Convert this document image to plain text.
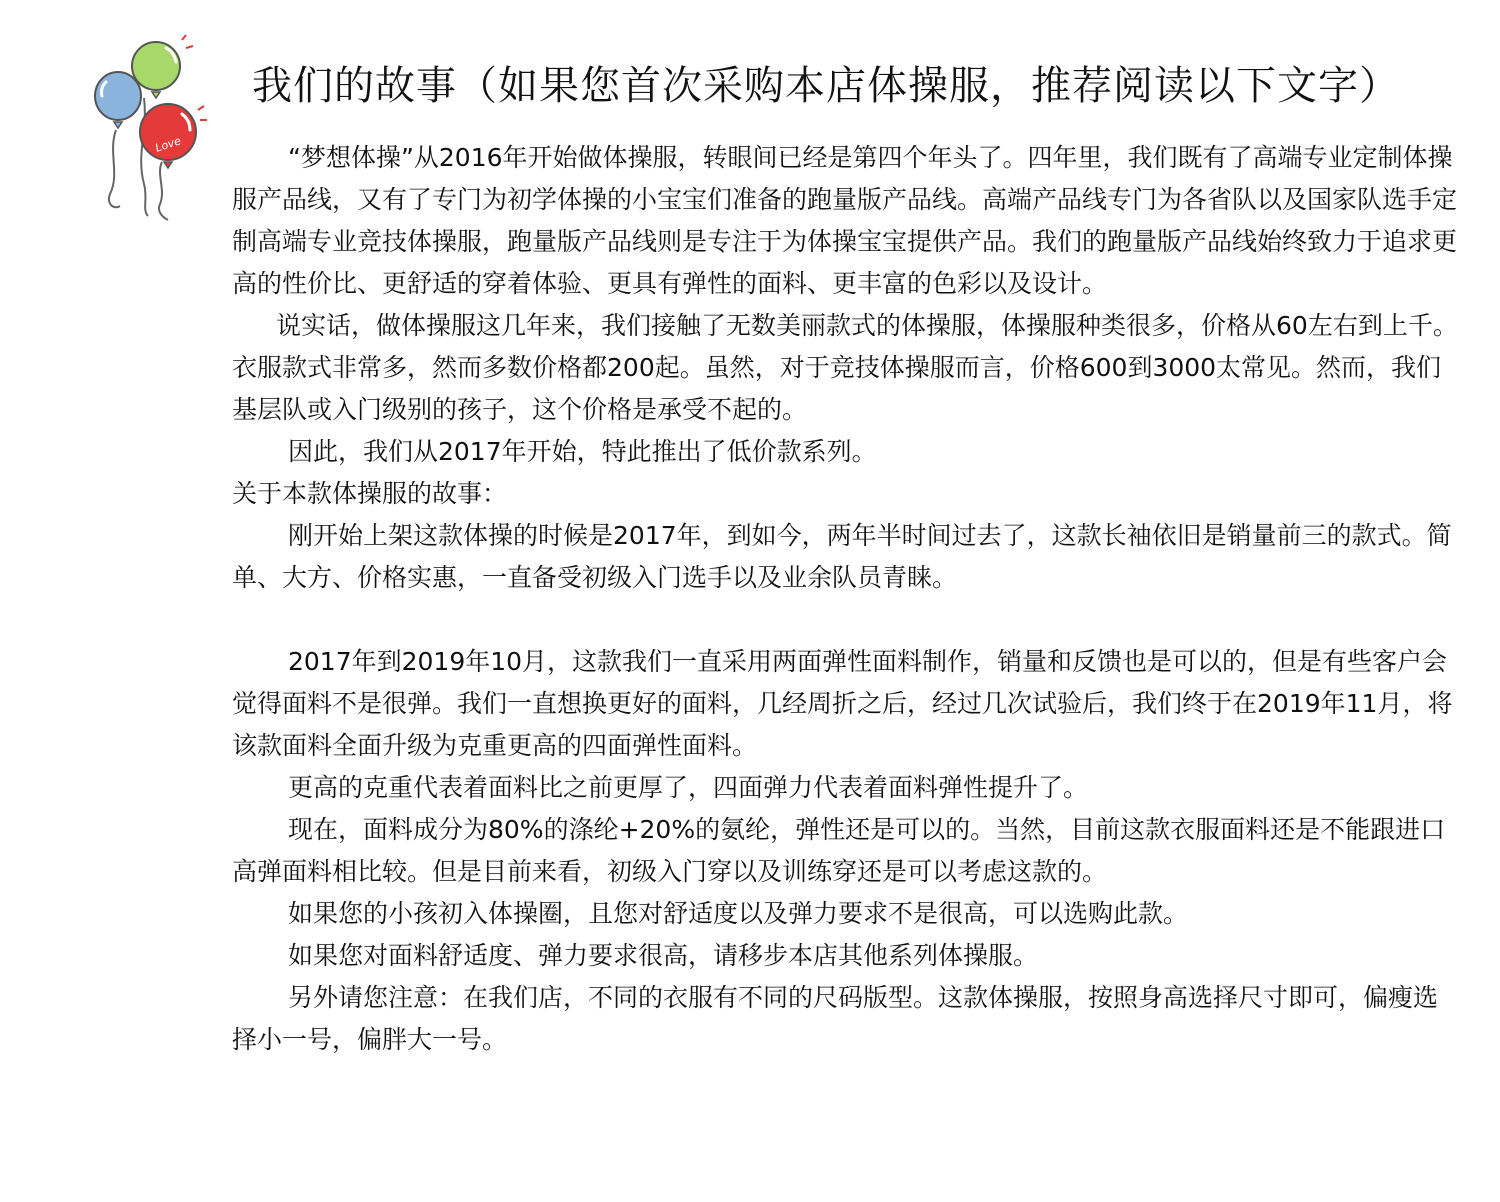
Love
我们的故事（如果您首次采购本店体操服，推荐阅读以下文字）

“梦想体操”从2016年开始做体操服，转眼间已经是第四个年头了。四年里，我们既有了高端专业定制体操服产品线，又有了专门为初学体操的小宝宝们准备的跑量版产品线。高端产品线专门为各省队以及国家队选手定制高端专业竞技体操服，跑量版产品线则是专注于为体操宝宝提供产品。我们的跑量版产品线始终致力于追求更高的性价比、更舒适的穿着体验、更具有弹性的面料、更丰富的色彩以及设计。

说实话，做体操服这几年来，我们接触了无数美丽款式的体操服，体操服种类很多，价格从60左右到上千。衣服款式非常多，然而多数价格都200起。虽然，对于竞技体操服而言，价格600到3000太常见。然而，我们基层队或入门级别的孩子，这个价格是承受不起的。

因此，我们从2017年开始，特此推出了低价款系列。

关于本款体操服的故事：

刚开始上架这款体操的时候是2017年，到如今，两年半时间过去了，这款长袖依旧是销量前三的款式。简单、大方、价格实惠，一直备受初级入门选手以及业余队员青睐。

2017年到2019年10月，这款我们一直采用两面弹性面料制作，销量和反馈也是可以的，但是有些客户会觉得面料不是很弹。我们一直想换更好的面料，几经周折之后，经过几次试验后，我们终于在2019年11月，将该款面料全面升级为克重更高的四面弹性面料。

更高的克重代表着面料比之前更厚了，四面弹力代表着面料弹性提升了。

现在，面料成分为80%的涤纶+20%的氨纶，弹性还是可以的。当然，目前这款衣服面料还是不能跟进口高弹面料相比较。但是目前来看，初级入门穿以及训练穿还是可以考虑这款的。

如果您的小孩初入体操圈，且您对舒适度以及弹力要求不是很高，可以选购此款。

如果您对面料舒适度、弹力要求很高，请移步本店其他系列体操服。

另外请您注意：在我们店，不同的衣服有不同的尺码版型。这款体操服，按照身高选择尺寸即可，偏瘦选择小一号，偏胖大一号。
